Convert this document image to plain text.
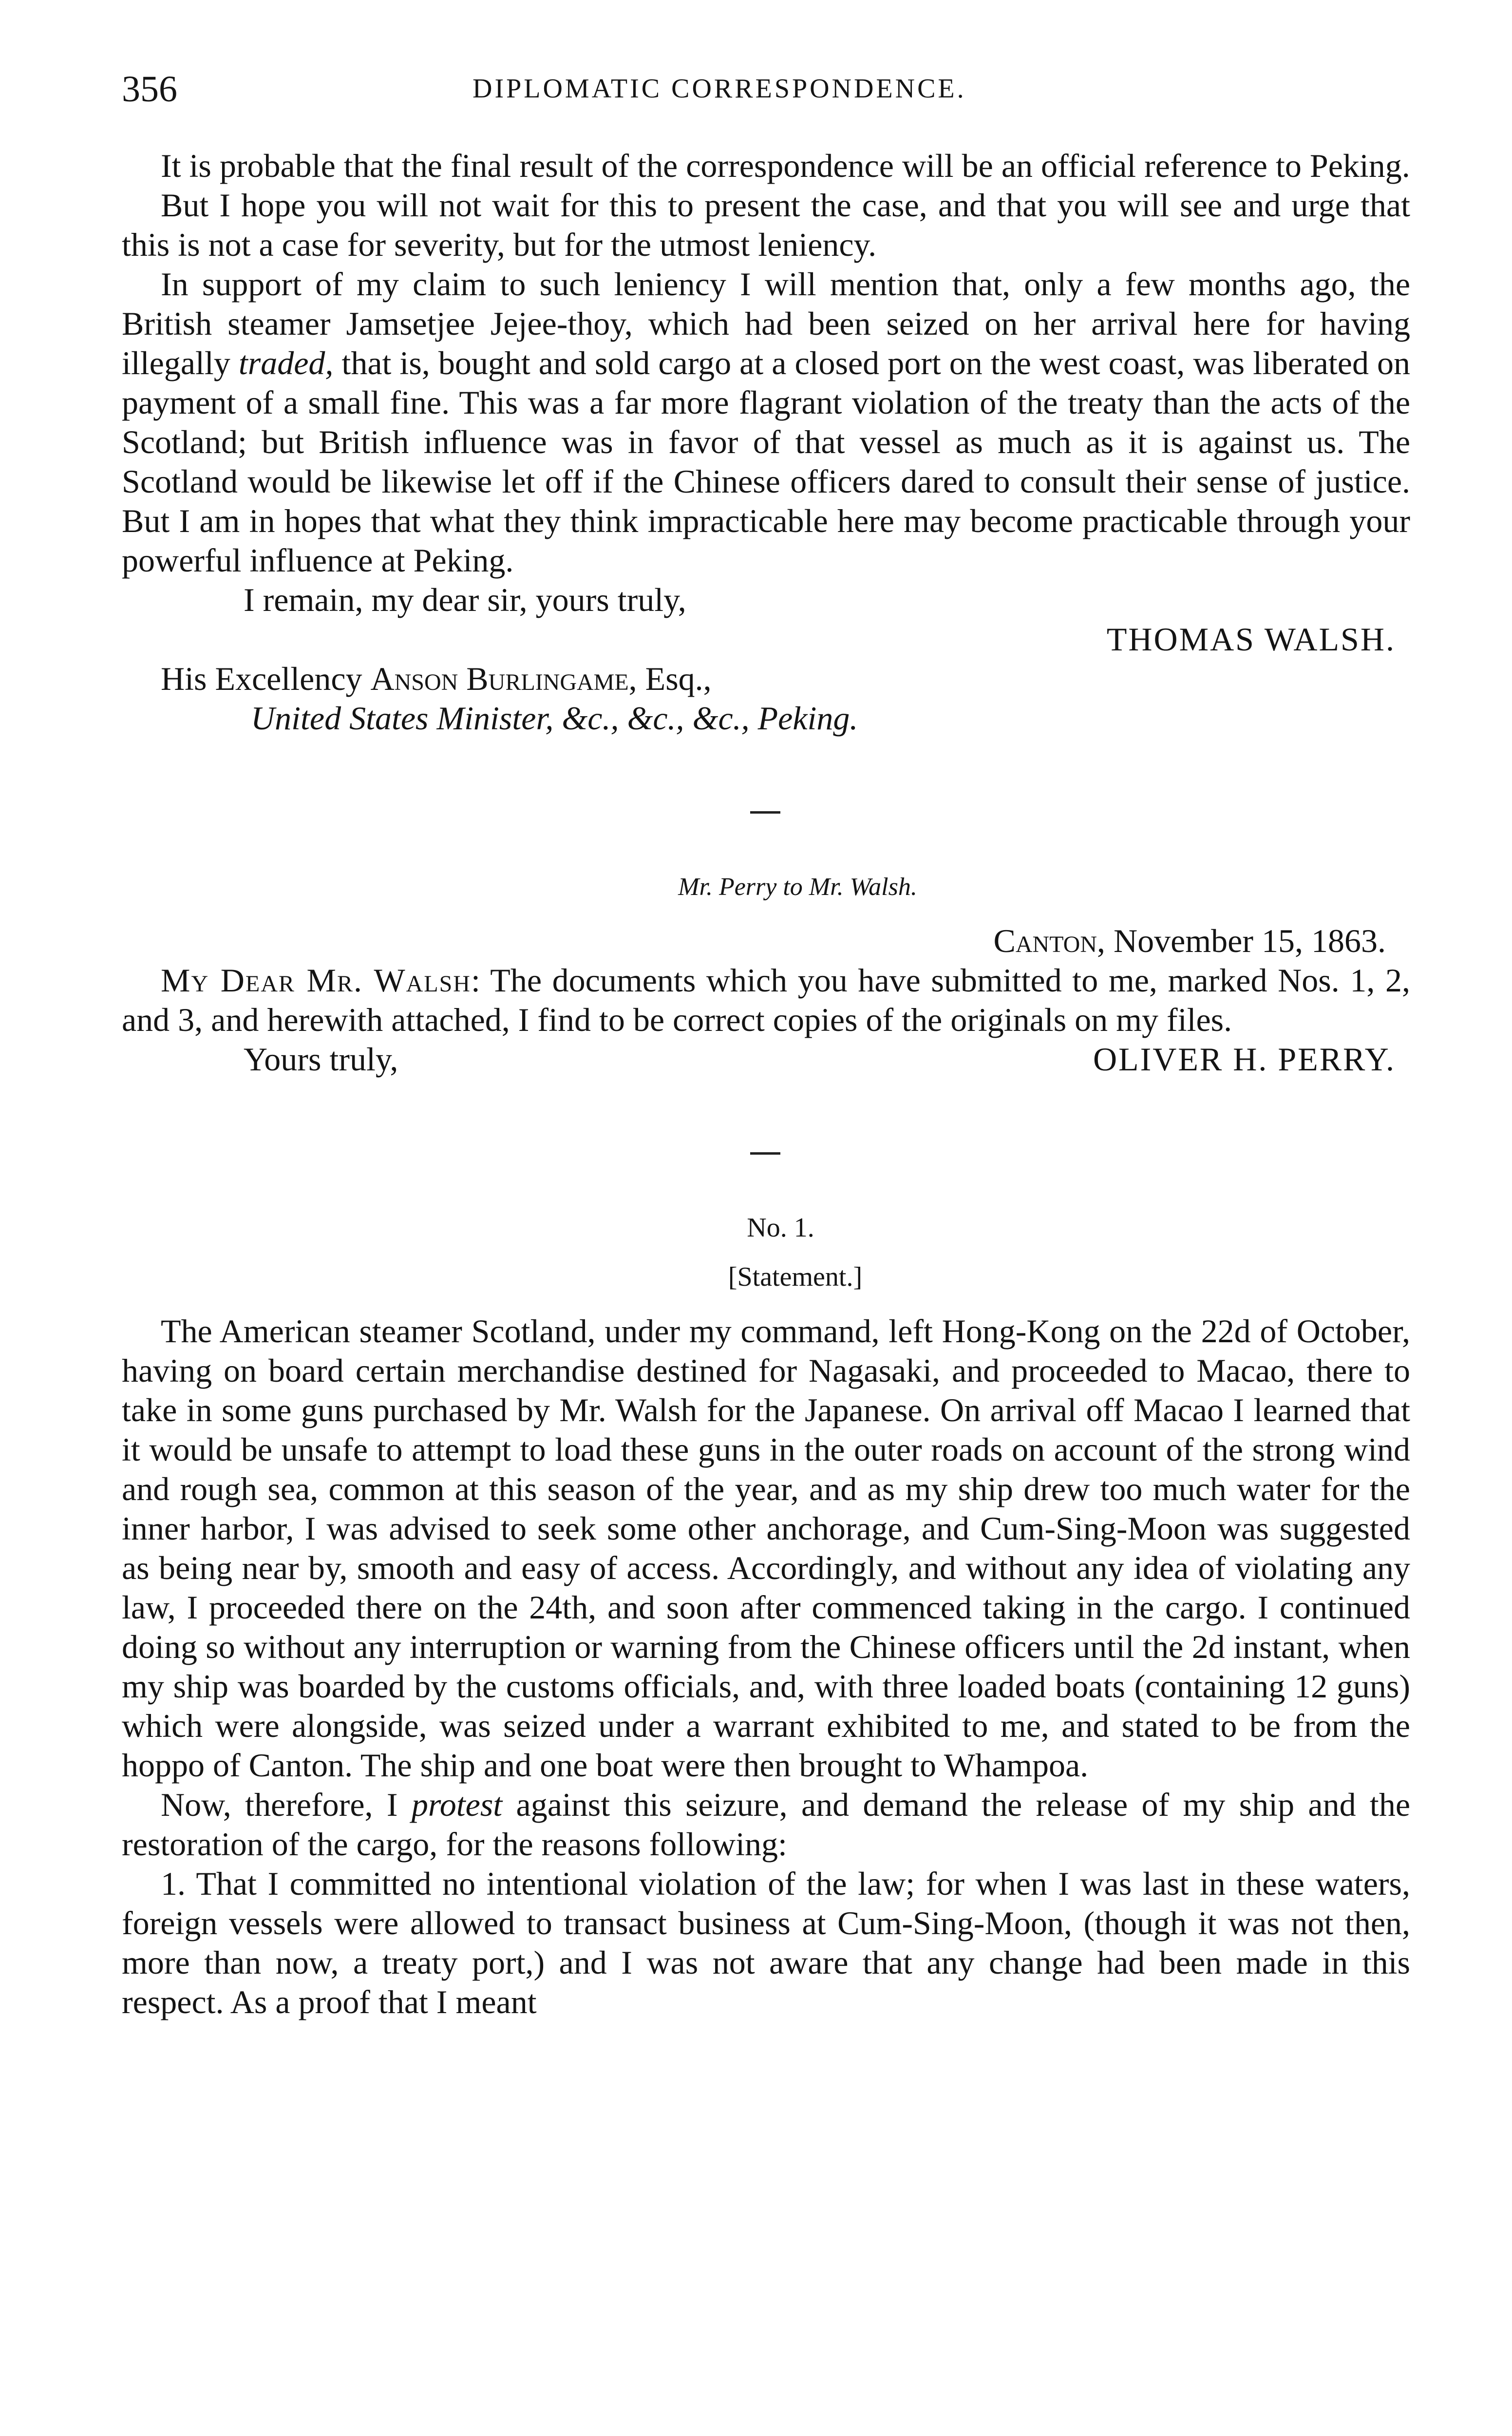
356	DIPLOMATIC CORRESPONDENCE.

It is probable that the final result of the correspondence will be an official reference to Peking.

But I hope you will not wait for this to present the case, and that you will see and urge that this is not a case for severity, but for the utmost leniency.

In support of my claim to such leniency I will mention that, only a few months ago, the British steamer Jamsetjee Jejee-thoy, which had been seized on her arrival here for having illegally traded, that is, bought and sold cargo at a closed port on the west coast, was liberated on payment of a small fine. This was a far more flagrant violation of the treaty than the acts of the Scotland; but British influence was in favor of that vessel as much as it is against us. The Scotland would be likewise let off if the Chinese officers dared to consult their sense of justice. But I am in hopes that what they think impracticable here may become practicable through your powerful influence at Peking.

I remain, my dear sir, yours truly,

THOMAS WALSH.

His Excellency Anson Burlingame, Esq.,

United States Minister, &c., &c., &c., Peking.

Mr. Perry to Mr. Walsh.

Canton, November 15, 1863.

My Dear Mr. Walsh: The documents which you have submitted to me, marked Nos. 1, 2, and 3, and herewith attached, I find to be correct copies of the originals on my files.

Yours truly,	OLIVER H. PERRY.

No. 1.

[Statement.]

The American steamer Scotland, under my command, left Hong-Kong on the 22d of October, having on board certain merchandise destined for Nagasaki, and proceeded to Macao, there to take in some guns purchased by Mr. Walsh for the Japanese. On arrival off Macao I learned that it would be unsafe to attempt to load these guns in the outer roads on account of the strong wind and rough sea, common at this season of the year, and as my ship drew too much water for the inner harbor, I was advised to seek some other anchorage, and Cum-Sing-Moon was suggested as being near by, smooth and easy of access. Accordingly, and without any idea of violating any law, I proceeded there on the 24th, and soon after commenced taking in the cargo. I continued doing so without any interruption or warning from the Chinese officers until the 2d instant, when my ship was boarded by the customs officials, and, with three loaded boats (containing 12 guns) which were alongside, was seized under a warrant exhibited to me, and stated to be from the hoppo of Canton. The ship and one boat were then brought to Whampoa.

Now, therefore, I protest against this seizure, and demand the release of my ship and the restoration of the cargo, for the reasons following:

1. That I committed no intentional violation of the law; for when I was last in these waters, foreign vessels were allowed to transact business at Cum-Sing-Moon, (though it was not then, more than now, a treaty port,) and I was not aware that any change had been made in this respect. As a proof that I meant
